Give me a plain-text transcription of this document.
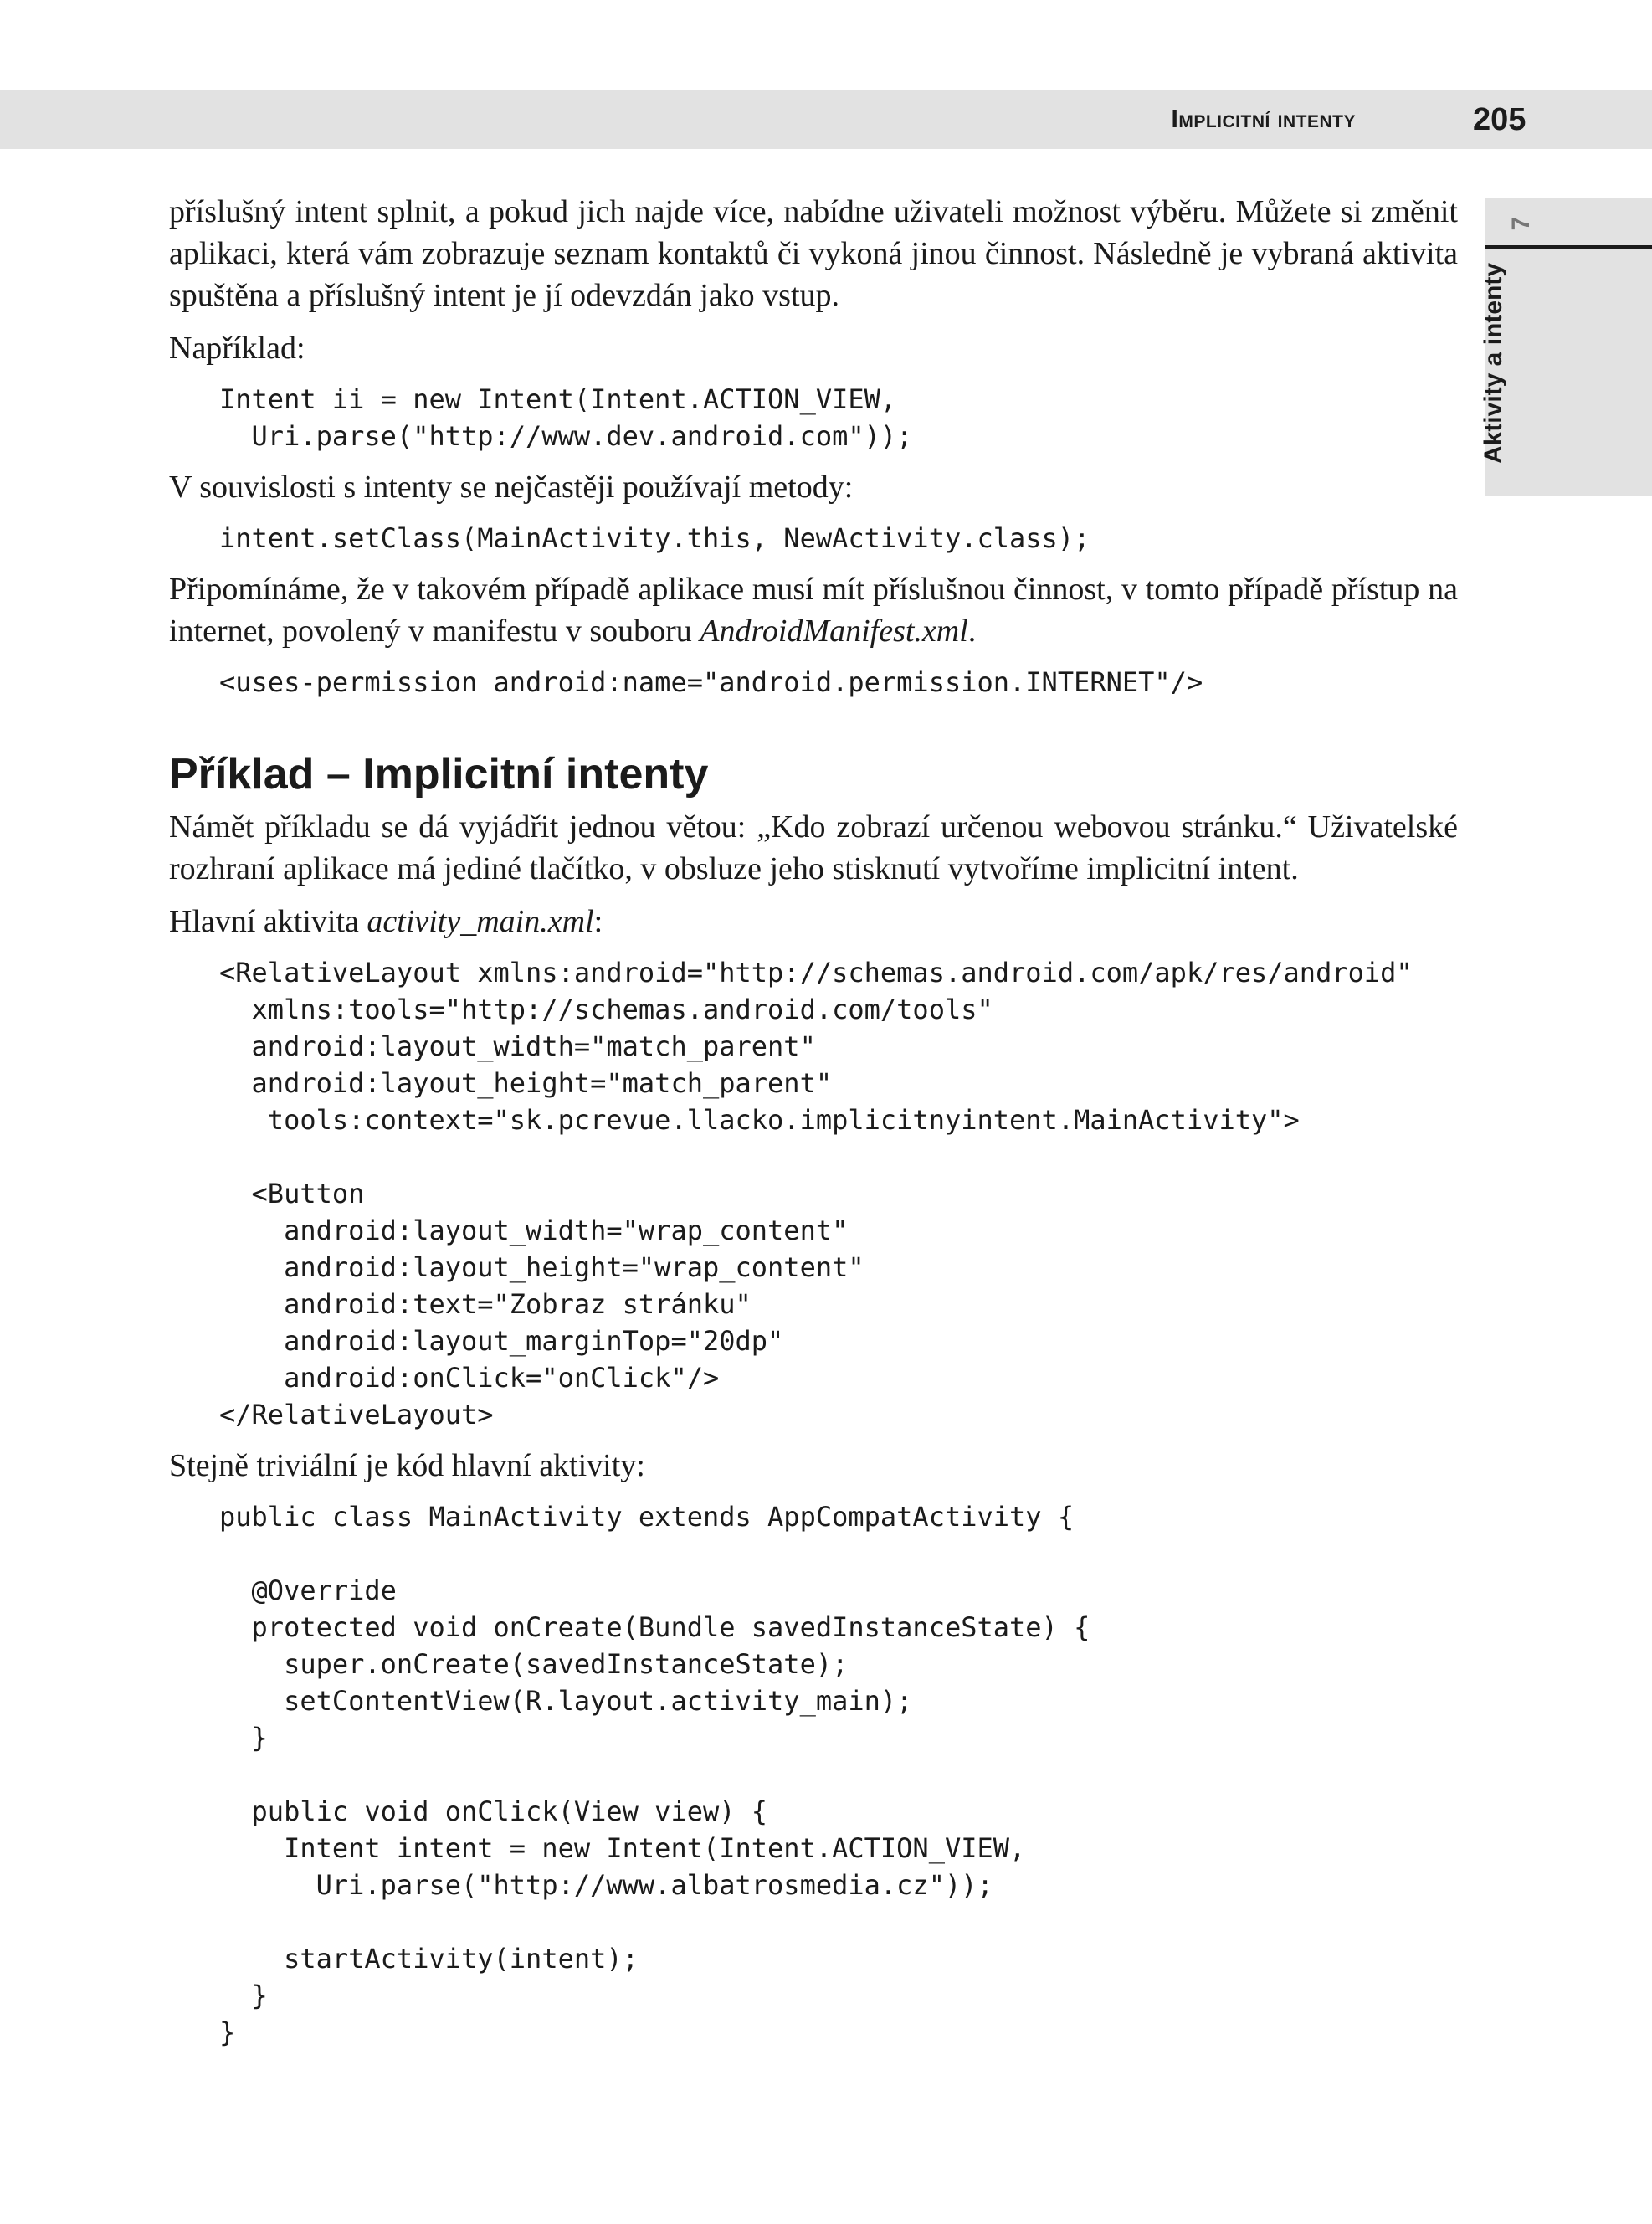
Implicitní intenty	205
7
Aktivity a intenty

příslušný intent splnit, a pokud jich najde více, nabídne uživateli možnost výběru. Můžete si změnit aplikaci, která vám zobrazuje seznam kontaktů či vykoná jinou činnost. Následně je vybraná aktivita spuštěna a příslušný intent je jí odevzdán jako vstup.

Například:

Intent ii = new Intent(Intent.ACTION_VIEW,
Uri.parse("http://www.dev.android.com"));

V souvislosti s intenty se nejčastěji používají metody:

intent.setClass(MainActivity.this, NewActivity.class);

Připomínáme, že v takovém případě aplikace musí mít příslušnou činnost, v tomto případě přístup na internet, povolený v manifestu v souboru AndroidManifest.xml.

<uses-permission android:name="android.permission.INTERNET"/>
Příklad – Implicitní intenty

Námět příkladu se dá vyjádřit jednou větou: „Kdo zobrazí určenou webovou stránku.“ Uživatelské rozhraní aplikace má jediné tlačítko, v obsluze jeho stisknutí vytvoříme implicitní intent.

Hlavní aktivita activity_main.xml:

<RelativeLayout xmlns:android="http://schemas.android.com/apk/res/android"
xmlns:tools="http://schemas.android.com/tools"
android:layout_width="match_parent"
android:layout_height="match_parent"
tools:context="sk.pcrevue.llacko.implicitnyintent.MainActivity">

<Button
android:layout_width="wrap_content"
android:layout_height="wrap_content"
android:text="Zobraz stránku"
android:layout_marginTop="20dp"
android:onClick="onClick"/>
</RelativeLayout>

Stejně triviální je kód hlavní aktivity:

public class MainActivity extends AppCompatActivity {

@Override
protected void onCreate(Bundle savedInstanceState) {
super.onCreate(savedInstanceState);
setContentView(R.layout.activity_main);
}

public void onClick(View view) {
Intent intent = new Intent(Intent.ACTION_VIEW,
Uri.parse("http://www.albatrosmedia.cz"));

startActivity(intent);
}
}
